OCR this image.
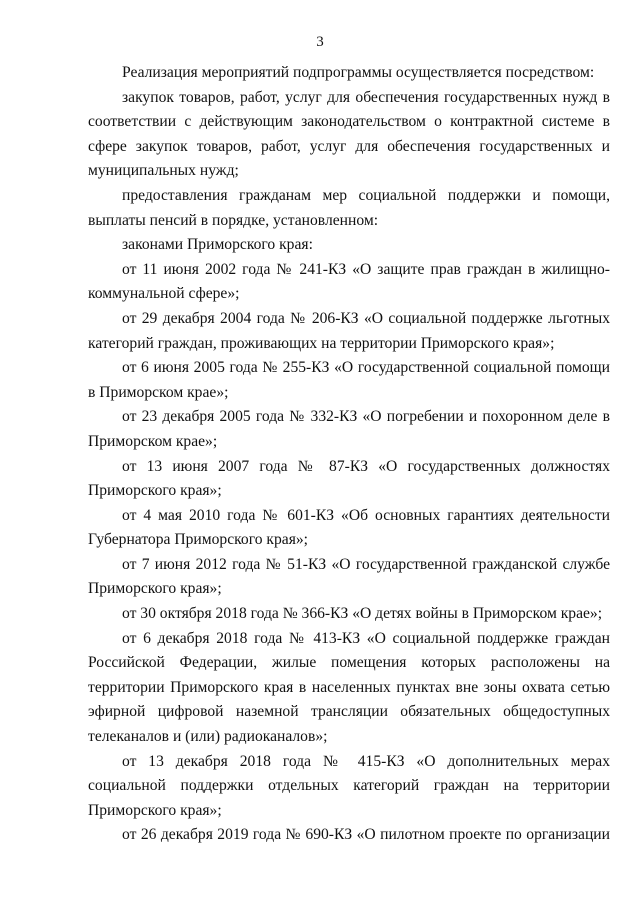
3

Реализация мероприятий подпрограммы осуществляется посредством:

закупок товаров, работ, услуг для обеспечения государственных нужд в соответствии с действующим законодательством о контрактной системе в сфере закупок товаров, работ, услуг для обеспечения государственных и муниципальных нужд;

предоставления гражданам мер социальной поддержки и помощи, выплаты пенсий в порядке, установленном:

законами Приморского края:

от 11 июня 2002 года № 241-КЗ «О защите прав граждан в жилищно-коммунальной сфере»;

от 29 декабря 2004 года № 206-КЗ «О социальной поддержке льготных категорий граждан, проживающих на территории Приморского края»;

от 6 июня 2005 года № 255-КЗ «О государственной социальной помощи в Приморском крае»;

от 23 декабря 2005 года № 332-КЗ «О погребении и похоронном деле в Приморском крае»;

от 13 июня 2007 года № 87-КЗ «О государственных должностях Приморского края»;

от 4 мая 2010 года № 601-КЗ «Об основных гарантиях деятельности Губернатора Приморского края»;

от 7 июня 2012 года № 51-КЗ «О государственной гражданской службе Приморского края»;

от 30 октября 2018 года № 366-КЗ «О детях войны в Приморском крае»;

от 6 декабря 2018 года № 413-КЗ «О социальной поддержке граждан Российской Федерации, жилые помещения которых расположены на территории Приморского края в населенных пунктах вне зоны охвата сетью эфирной цифровой наземной трансляции обязательных общедоступных телеканалов и (или) радиоканалов»;

от 13 декабря 2018 года № 415-КЗ «О дополнительных мерах социальной поддержки отдельных категорий граждан на территории Приморского края»;

от 26 декабря 2019 года № 690-КЗ «О пилотном проекте по организации
